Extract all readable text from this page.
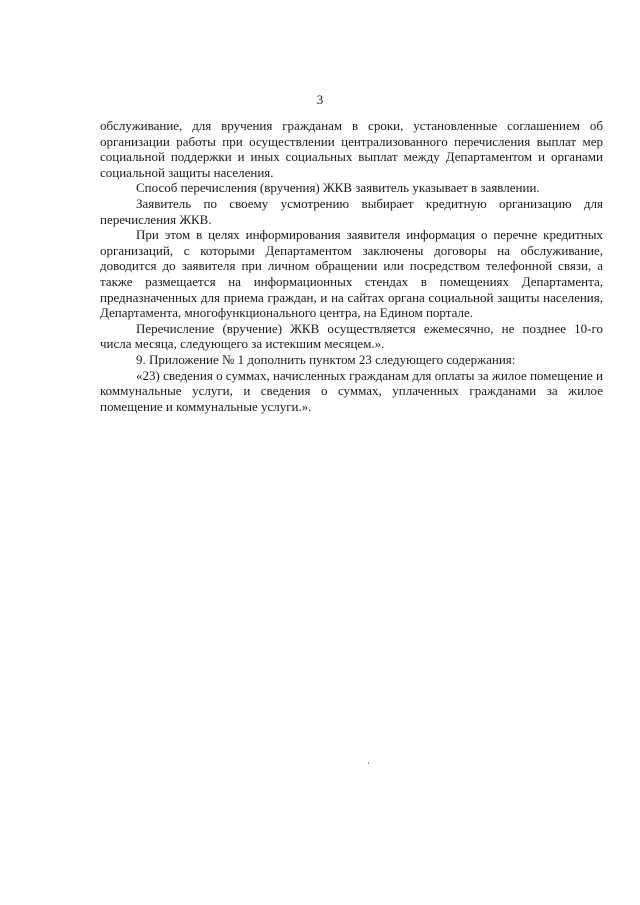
3

обслуживание, для вручения гражданам в сроки, установленные соглашением об организации работы при осуществлении централизованного перечисления выплат мер социальной поддержки и иных социальных выплат между Департаментом и органами социальной защиты населения.

Способ перечисления (вручения) ЖКВ заявитель указывает в заявлении.

Заявитель по своему усмотрению выбирает кредитную организацию для перечисления ЖКВ.

При этом в целях информирования заявителя информация о перечне кредитных организаций, с которыми Департаментом заключены договоры на обслуживание, доводится до заявителя при личном обращении или посредством телефонной связи, а также размещается на информационных стендах в помещениях Департамента, предназначенных для приема граждан, и на сайтах органа социальной защиты населения, Департамента, многофункционального центра, на Едином портале.

Перечисление (вручение) ЖКВ осуществляется ежемесячно, не позднее 10-го числа месяца, следующего за истекшим месяцем.».

9. Приложение № 1 дополнить пунктом 23 следующего содержания:

«23) сведения о суммах, начисленных гражданам для оплаты за жилое помещение и коммунальные услуги, и сведения о суммах, уплаченных гражданами за жилое помещение и коммунальные услуги.».
